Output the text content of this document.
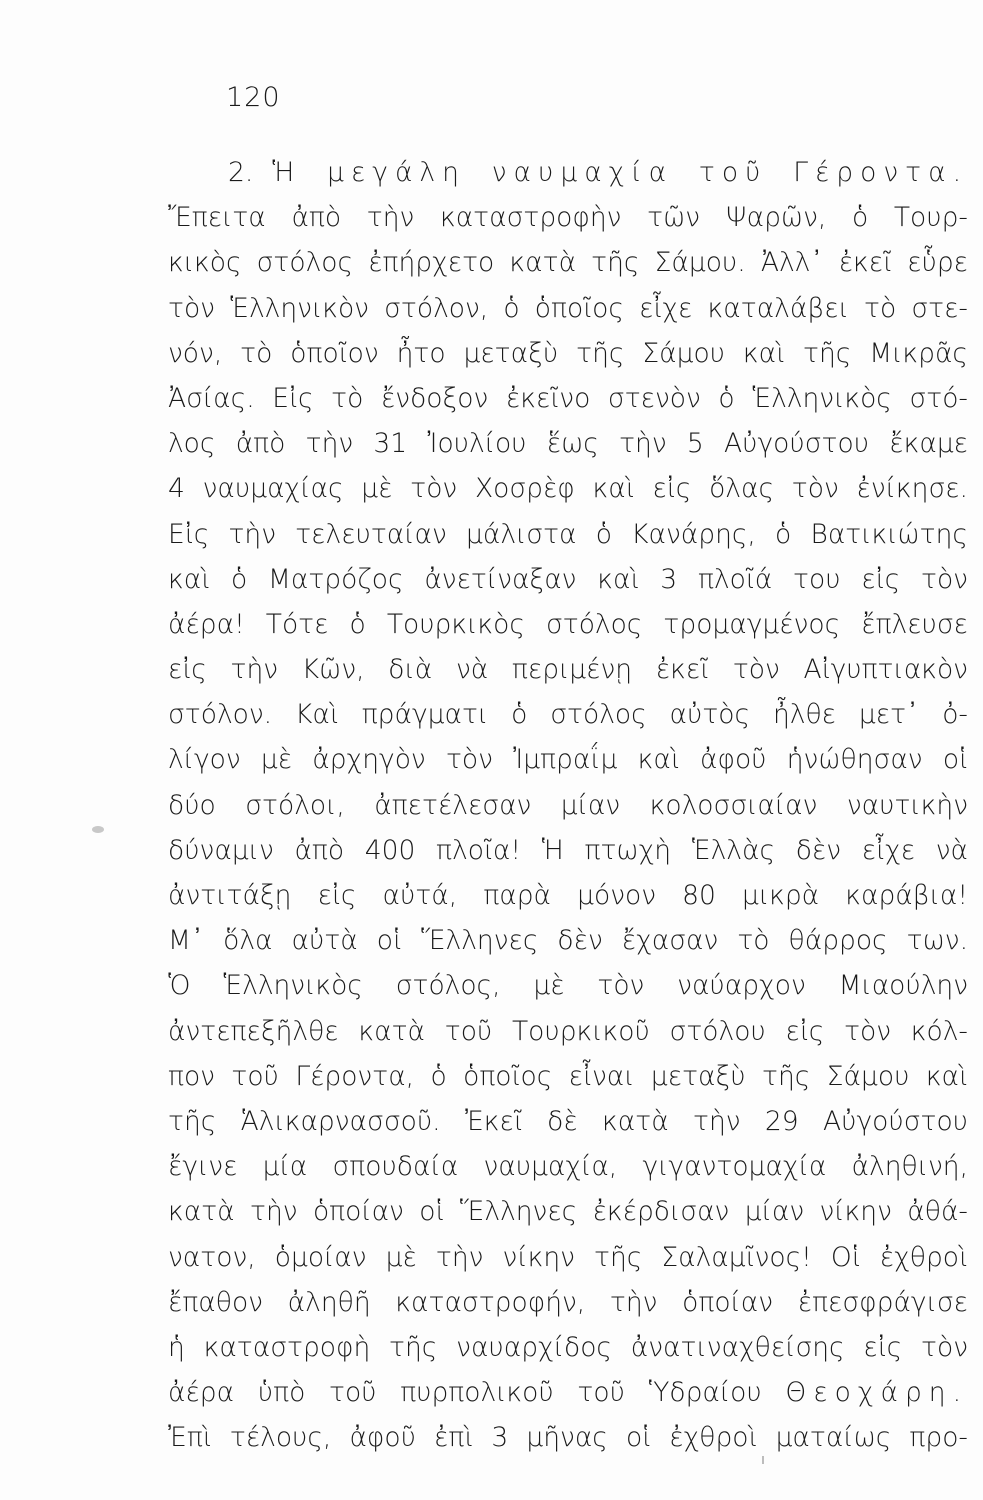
120
2. Ἡ μεγάλη ναυμαχία τοῦ Γέροντα.
Ἔπειτα ἀπὸ τὴν καταστροφὴν τῶν Ψαρῶν, ὁ Τουρ-
κικὸς στόλος ἐπήρχετο κατὰ τῆς Σάμου. Ἀλλ᾽ ἐκεῖ εὗρε
τὸν Ἑλληνικὸν στόλον, ὁ ὁποῖος εἶχε καταλάβει τὸ στε-
νόν, τὸ ὁποῖον ἦτο μεταξὺ τῆς Σάμου καὶ τῆς Μικρᾶς
Ἀσίας. Εἰς τὸ ἔνδοξον ἐκεῖνο στενὸν ὁ Ἑλληνικὸς στό-
λος ἀπὸ τὴν 31 Ἰουλίου ἕως τὴν 5 Αὐγούστου ἔκαμε
4 ναυμαχίας μὲ τὸν Χοσρὲφ καὶ εἰς ὅλας τὸν ἐνίκησε.
Εἰς τὴν τελευταίαν μάλιστα ὁ Κανάρης, ὁ Βατικιώτης
καὶ ὁ Ματρόζος ἀνετίναξαν καὶ 3 πλοῖά του εἰς τὸν
ἀέρα! Τότε ὁ Τουρκικὸς στόλος τρομαγμένος ἔπλευσε
εἰς τὴν Κῶν, διὰ νὰ περιμένῃ ἐκεῖ τὸν Αἰγυπτιακὸν
στόλον. Καὶ πράγματι ὁ στόλος αὐτὸς ἦλθε μετ᾽ ὀ-
λίγον μὲ ἀρχηγὸν τὸν Ἰμπραΐμ καὶ ἀφοῦ ἡνώθησαν οἱ
δύο στόλοι, ἀπετέλεσαν μίαν κολοσσιαίαν ναυτικὴν
δύναμιν ἀπὸ 400 πλοῖα! Ἡ πτωχὴ Ἑλλὰς δὲν εἶχε νὰ
ἀντιτάξῃ εἰς αὐτά, παρὰ μόνον 80 μικρὰ καράβια!
Μ᾽ ὅλα αὐτὰ οἱ Ἕλληνες δὲν ἔχασαν τὸ θάρρος των.
Ὁ Ἑλληνικὸς στόλος, μὲ τὸν ναύαρχον Μιαούλην
ἀντεπεξῆλθε κατὰ τοῦ Τουρκικοῦ στόλου εἰς τὸν κόλ-
πον τοῦ Γέροντα, ὁ ὁποῖος εἶναι μεταξὺ τῆς Σάμου καὶ
τῆς Ἁλικαρνασσοῦ. Ἐκεῖ δὲ κατὰ τὴν 29 Αὐγούστου
ἔγινε μία σπουδαία ναυμαχία, γιγαντομαχία ἀληθινή,
κατὰ τὴν ὁποίαν οἱ Ἕλληνες ἐκέρδισαν μίαν νίκην ἀθά-
νατον, ὁμοίαν μὲ τὴν νίκην τῆς Σαλαμῖνος! Οἱ ἐχθροὶ
ἔπαθον ἀληθῆ καταστροφήν, τὴν ὁποίαν ἐπεσφράγισε
ἡ καταστροφὴ τῆς ναυαρχίδος ἀνατιναχθείσης εἰς τὸν
ἀέρα ὑπὸ τοῦ πυρπολικοῦ τοῦ Ὑδραίου Θεοχάρη.
Ἐπὶ τέλους, ἀφοῦ ἐπὶ 3 μῆνας οἱ ἐχθροὶ ματαίως προ-
